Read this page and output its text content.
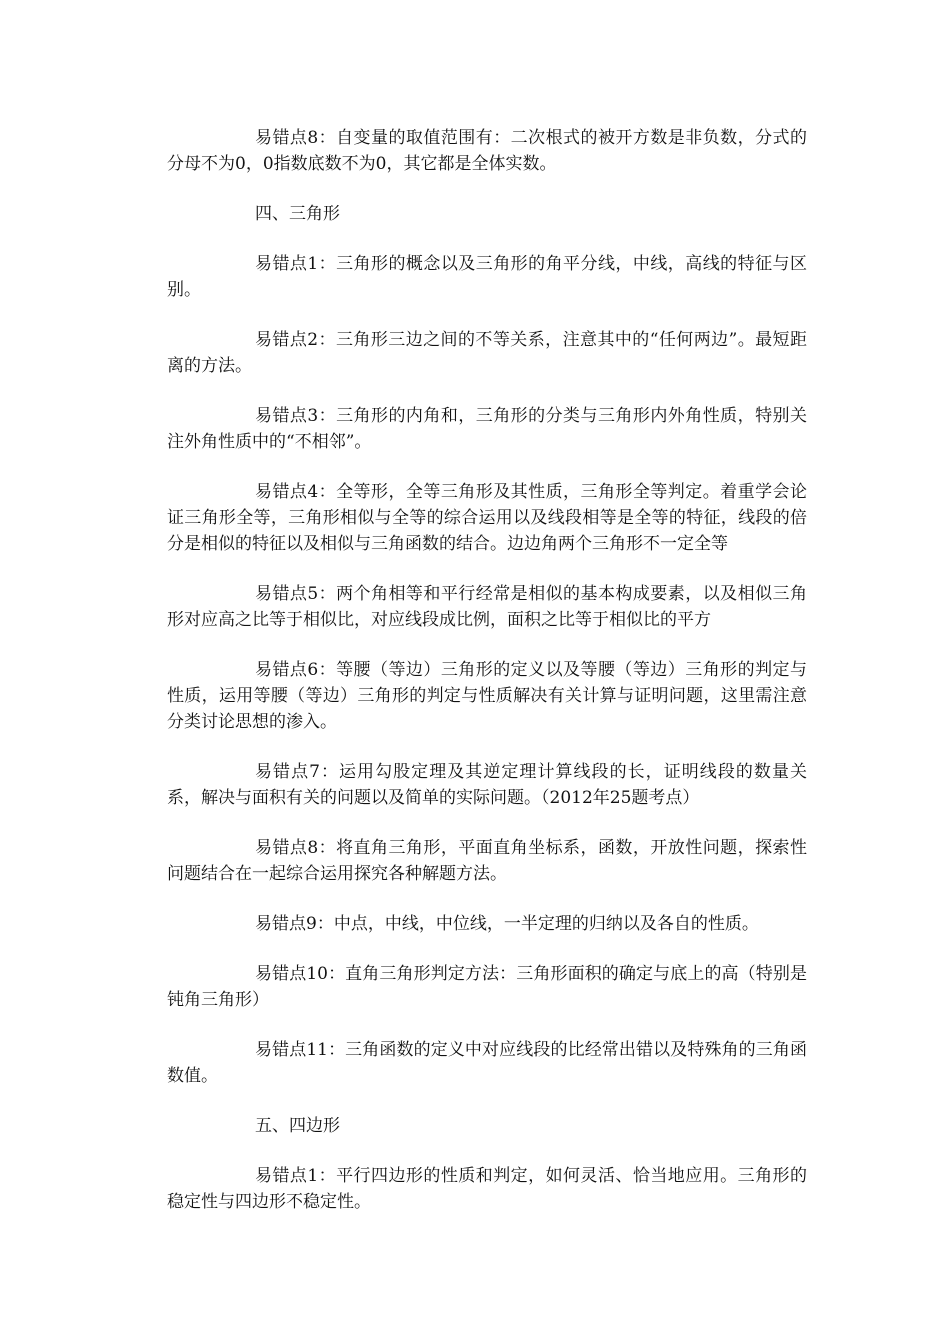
易错点8：自变量的取值范围有：二次根式的被开方数是非负数，分式的分母不为0，0指数底数不为0，其它都是全体实数。

四、三角形

易错点1：三角形的概念以及三角形的角平分线，中线，高线的特征与区别。

易错点2：三角形三边之间的不等关系，注意其中的“任何两边”。最短距离的方法。

易错点3：三角形的内角和，三角形的分类与三角形内外角性质，特别关注外角性质中的“不相邻”。

易错点4：全等形，全等三角形及其性质，三角形全等判定。着重学会论证三角形全等，三角形相似与全等的综合运用以及线段相等是全等的特征，线段的倍分是相似的特征以及相似与三角函数的结合。边边角两个三角形不一定全等

易错点5：两个角相等和平行经常是相似的基本构成要素，以及相似三角形对应高之比等于相似比，对应线段成比例，面积之比等于相似比的平方

易错点6：等腰（等边）三角形的定义以及等腰（等边）三角形的判定与性质，运用等腰（等边）三角形的判定与性质解决有关计算与证明问题，这里需注意分类讨论思想的渗入。

易错点7：运用勾股定理及其逆定理计算线段的长，证明线段的数量关系，解决与面积有关的问题以及简单的实际问题。（2012年25题考点）

易错点8：将直角三角形，平面直角坐标系，函数，开放性问题，探索性问题结合在一起综合运用探究各种解题方法。

易错点9：中点，中线，中位线，一半定理的归纳以及各自的性质。

易错点10：直角三角形判定方法：三角形面积的确定与底上的高（特别是钝角三角形）

易错点11：三角函数的定义中对应线段的比经常出错以及特殊角的三角函数值。

五、四边形

易错点1：平行四边形的性质和判定，如何灵活、恰当地应用。三角形的稳定性与四边形不稳定性。
